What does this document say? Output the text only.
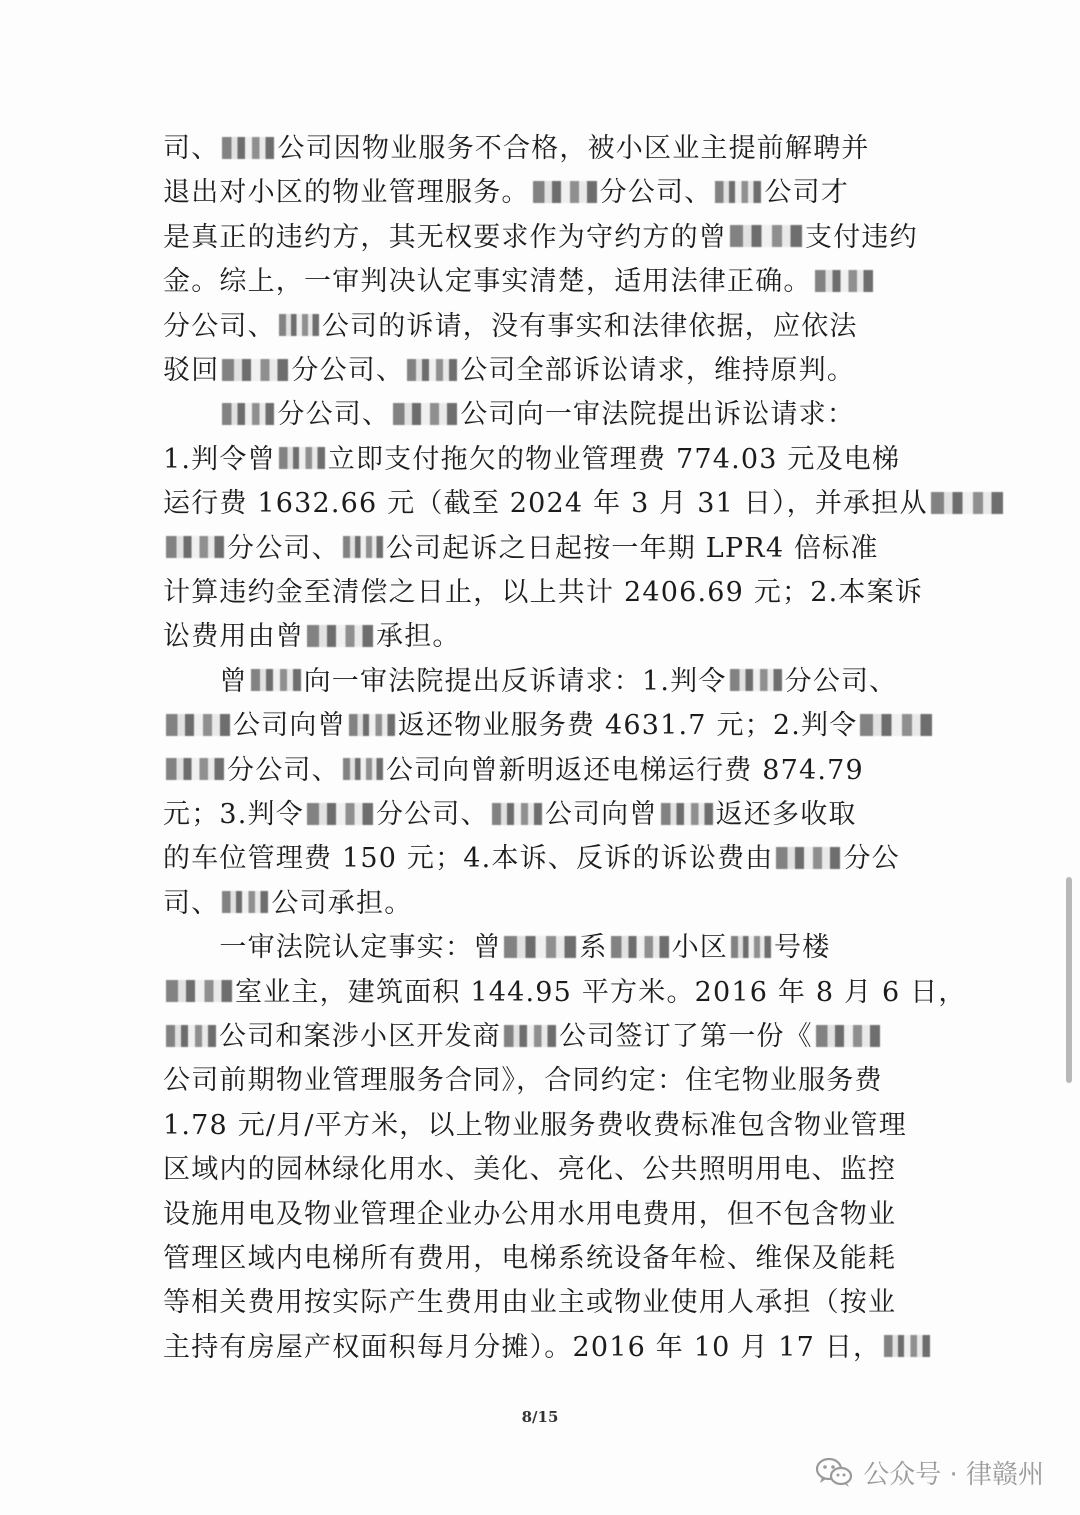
司、 公司因物业服务不合格，被小区业主提前解聘并
退出对小区的物业管理服务。	分公司、 公司才
是真正的违约方，其无权要求作为守约方的曾	支付违约
金。综上，一审判决认定事实清楚，适用法律正确。
分公司、 公司的诉请，没有事实和法律依据，应依法
驳回	分公司、 公司全部诉讼请求，维持原判。
　　分公司、	公司向一审法院提出诉讼请求：
1.判令曾 立即支付拖欠的物业管理费 774.03 元及电梯
运行费 1632.66 元（截至 2024 年 3 月 31 日），并承担从
分公司、 公司起诉之日起按一年期 LPR4 倍标准
计算违约金至清偿之日止，以上共计 2406.69 元；2.本案诉
讼费用由曾	承担。
　　曾 向一审法院提出反诉请求：1.判令 分公司、
公司向曾 返还物业服务费 4631.7 元；2.判令
分公司、 公司向曾新明返还电梯运行费 874.79
元；3.判令	分公司、 公司向曾 返还多收取
的车位管理费 150 元；4.本诉、反诉的诉讼费由	分公
司、 公司承担。
　　一审法院认定事实：曾	系 小区 号楼
室业主，建筑面积 144.95 平方米。2016 年 8 月 6 日，
公司和案涉小区开发商 公司签订了第一份《
公司前期物业管理服务合同》，合同约定：住宅物业服务费
1.78 元/月/平方米，以上物业服务费收费标准包含物业管理
区域内的园林绿化用水、美化、亮化、公共照明用电、监控
设施用电及物业管理企业办公用水用电费用，但不包含物业
管理区域内电梯所有费用，电梯系统设备年检、维保及能耗
等相关费用按实际产生费用由业主或物业使用人承担（按业
主持有房屋产权面积每月分摊）。2016 年 10 月 17 日，
8/15
公众号 · 律赣州
